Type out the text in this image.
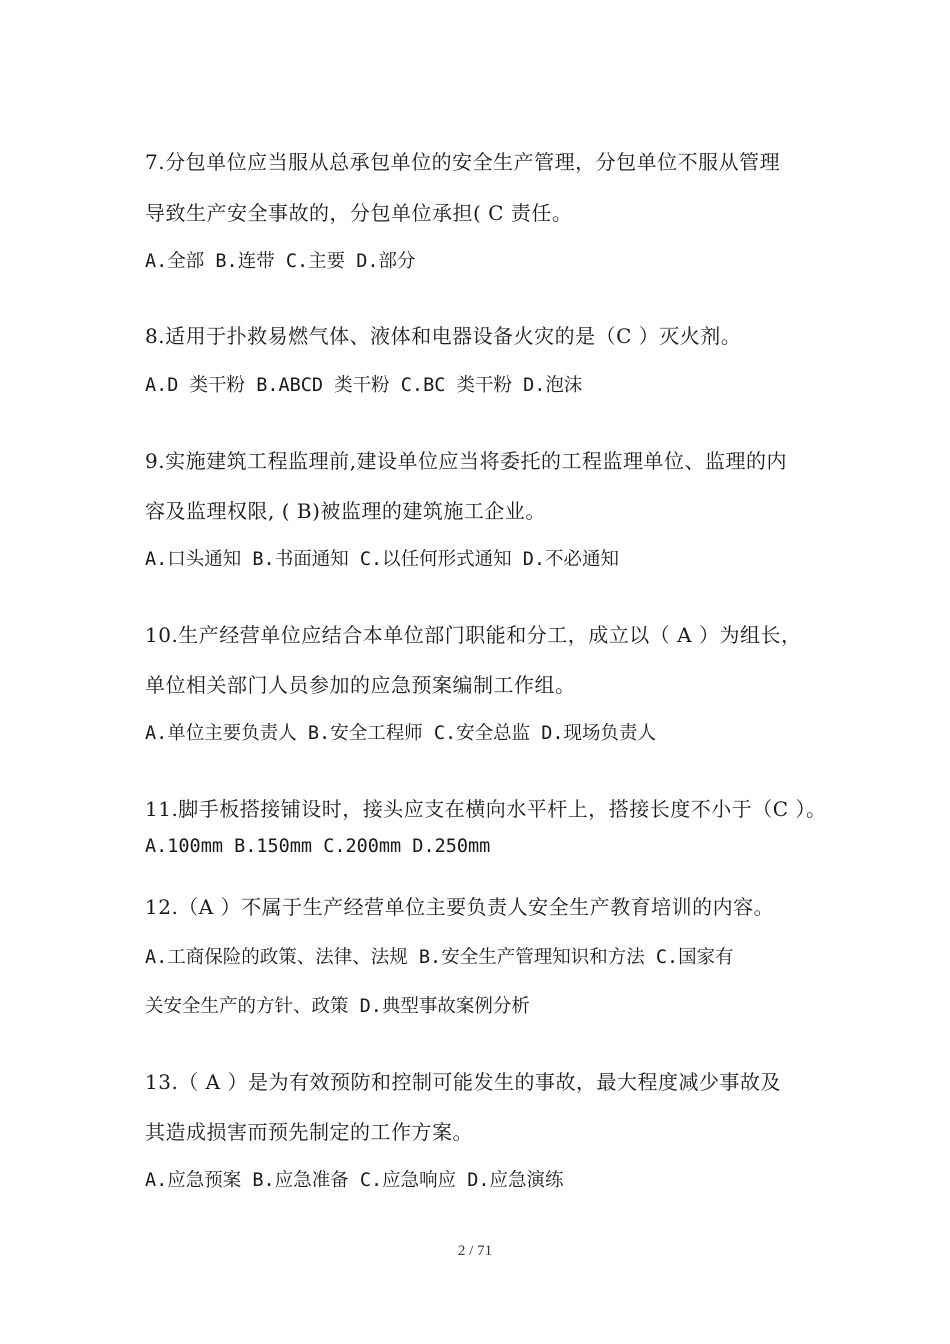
7.分包单位应当服从总承包单位的安全生产管理，分包单位不服从管理
导致生产安全事故的，分包单位承担( C 责任。
A.全部 B.连带 C.主要 D.部分
8.适用于扑救易燃气体、液体和电器设备火灾的是（C ）灭火剂。
A.D 类干粉 B.ABCD 类干粉 C.BC 类干粉 D.泡沫
9.实施建筑工程监理前,建设单位应当将委托的工程监理单位、监理的内
容及监理权限, ( B)被监理的建筑施工企业。
A.口头通知 B.书面通知 C.以任何形式通知 D.不必通知
10.生产经营单位应结合本单位部门职能和分工，成立以（ A ）为组长，
单位相关部门人员参加的应急预案编制工作组。
A.单位主要负责人 B.安全工程师 C.安全总监 D.现场负责人
11.脚手板搭接铺设时，接头应支在横向水平杆上，搭接长度不小于（C ）。
A.100mm B.150mm C.200mm D.250mm
12.（A ）不属于生产经营单位主要负责人安全生产教育培训的内容。
A.工商保险的政策、法律、法规 B.安全生产管理知识和方法 C.国家有
关安全生产的方针、政策 D.典型事故案例分析
13.（ A ）是为有效预防和控制可能发生的事故，最大程度减少事故及
其造成损害而预先制定的工作方案。
A.应急预案 B.应急准备 C.应急响应 D.应急演练
2 / 71
